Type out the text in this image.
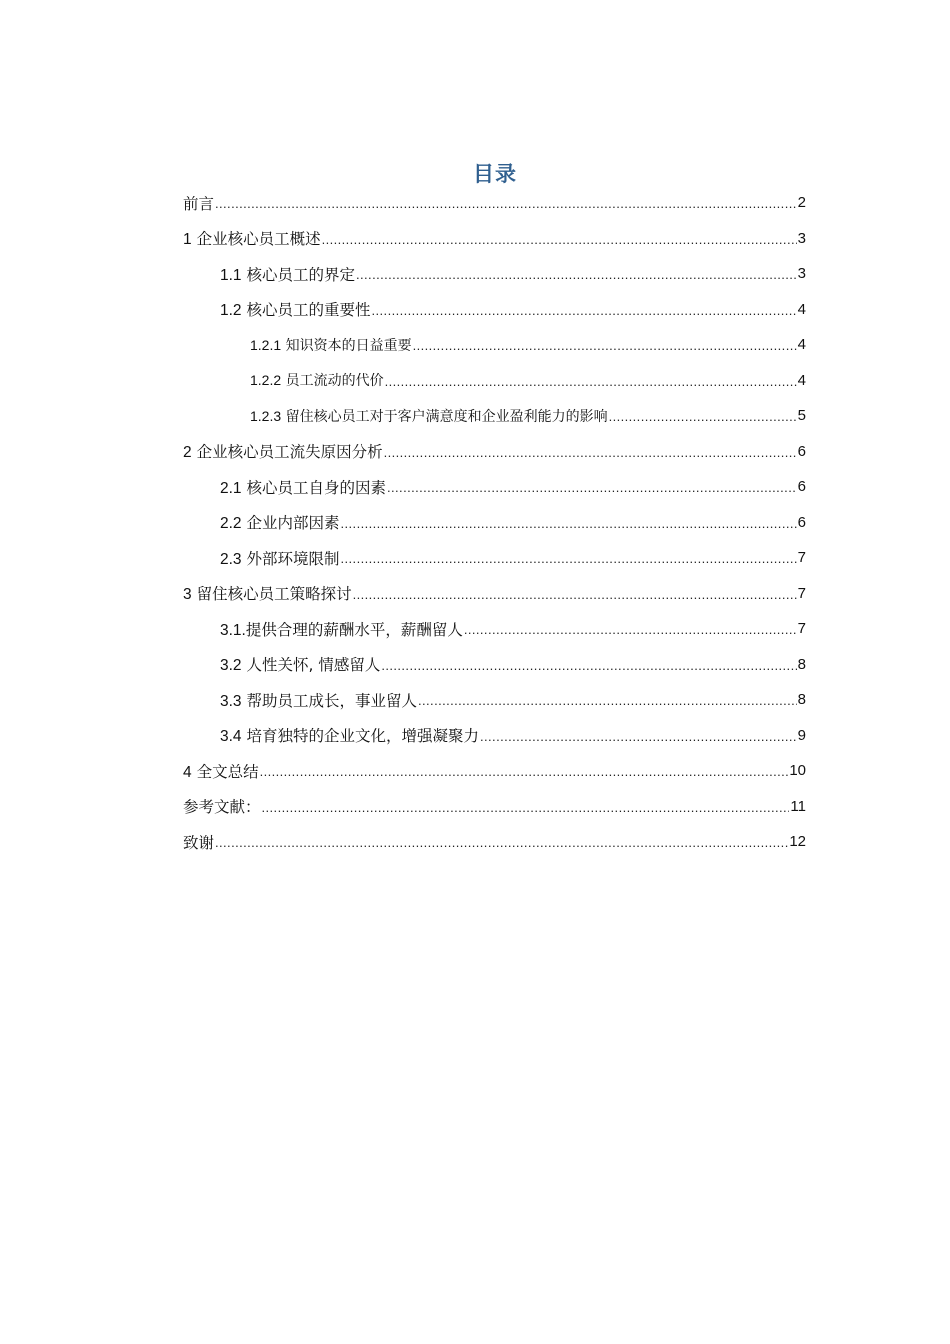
目录
前言 .....	2
1 企业核心员工概述 .....	3
1.1 核心员工的界定 .....	3
1.2 核心员工的重要性 .....	4
1.2.1 知识资本的日益重要 .....	4
1.2.2 员工流动的代价 .....	4
1.2.3 留住核心员工对于客户满意度和企业盈利能力的影响 .....	5
2 企业核心员工流失原因分析 .....	6
2.1 核心员工自身的因素 .....	6
2.2 企业内部因素 .....	6
2.3 外部环境限制 .....	7
3 留住核心员工策略探讨 .....	7
3.1.提供合理的薪酬水平，薪酬留人 .....	7
3.2 人性关怀, 情感留人 .....	8
3.3 帮助员工成长，事业留人 .....	8
3.4 培育独特的企业文化，增强凝聚力 .....	9
4 全文总结 .....	10
参考文献： .....	11
致谢 .....	12
